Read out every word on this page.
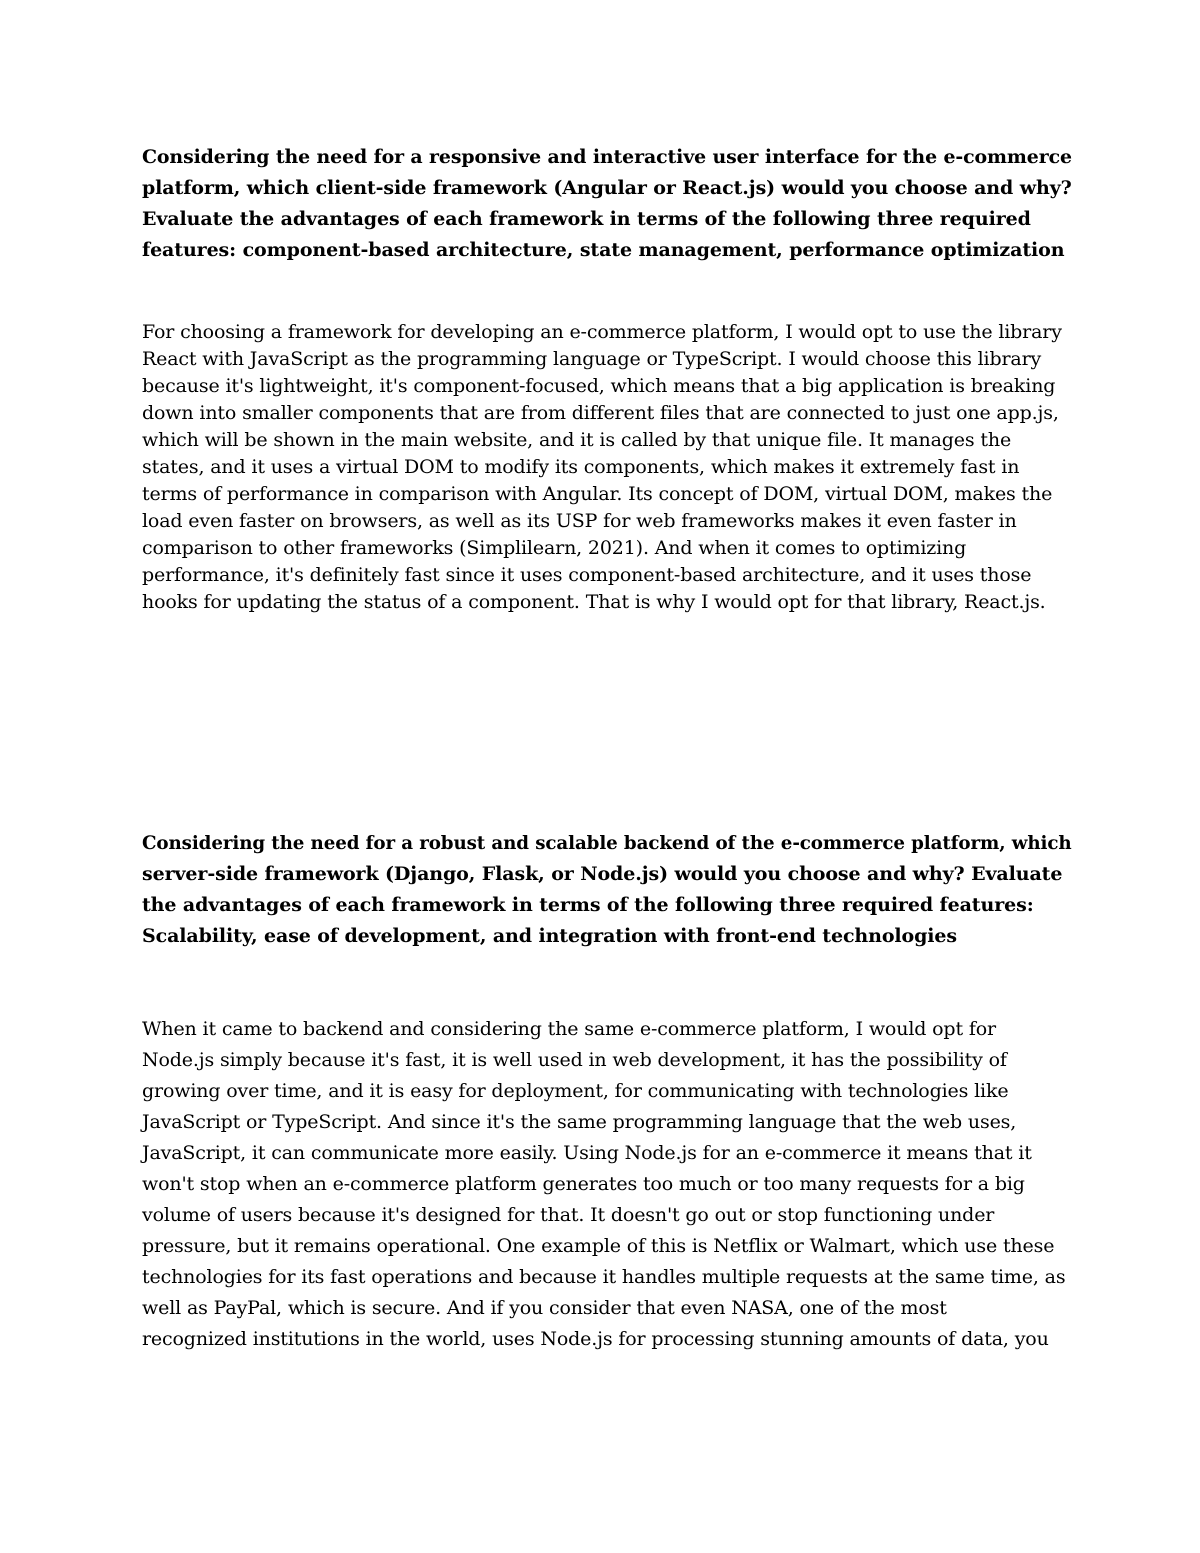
Considering the need for a responsive and interactive user interface for the e-commerce
platform, which client-side framework (Angular or React.js) would you choose and why?
Evaluate the advantages of each framework in terms of the following three required
features: component-based architecture, state management, performance optimization
For choosing a framework for developing an e-commerce platform, I would opt to use the library
React with JavaScript as the programming language or TypeScript. I would choose this library
because it's lightweight, it's component-focused, which means that a big application is breaking
down into smaller components that are from different files that are connected to just one app.js,
which will be shown in the main website, and it is called by that unique file. It manages the
states, and it uses a virtual DOM to modify its components, which makes it extremely fast in
terms of performance in comparison with Angular. Its concept of DOM, virtual DOM, makes the
load even faster on browsers, as well as its USP for web frameworks makes it even faster in
comparison to other frameworks (Simplilearn, 2021). And when it comes to optimizing
performance, it's definitely fast since it uses component-based architecture, and it uses those
hooks for updating the status of a component. That is why I would opt for that library, React.js.
Considering the need for a robust and scalable backend of the e-commerce platform, which
server-side framework (Django, Flask, or Node.js) would you choose and why? Evaluate
the advantages of each framework in terms of the following three required features:
Scalability, ease of development, and integration with front-end technologies
When it came to backend and considering the same e-commerce platform, I would opt for
Node.js simply because it's fast, it is well used in web development, it has the possibility of
growing over time, and it is easy for deployment, for communicating with technologies like
JavaScript or TypeScript. And since it's the same programming language that the web uses,
JavaScript, it can communicate more easily. Using Node.js for an e-commerce it means that it
won't stop when an e-commerce platform generates too much or too many requests for a big
volume of users because it's designed for that. It doesn't go out or stop functioning under
pressure, but it remains operational. One example of this is Netflix or Walmart, which use these
technologies for its fast operations and because it handles multiple requests at the same time, as
well as PayPal, which is secure. And if you consider that even NASA, one of the most
recognized institutions in the world, uses Node.js for processing stunning amounts of data, you
